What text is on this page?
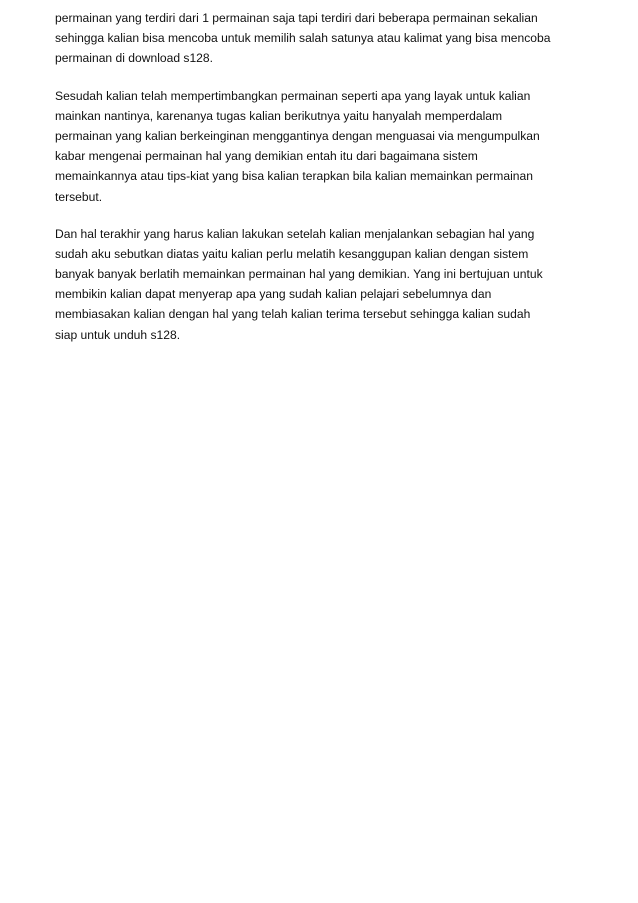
permainan yang terdiri dari 1 permainan saja tapi terdiri dari beberapa permainan sekalian
sehingga kalian bisa mencoba untuk memilih salah satunya atau kalimat yang bisa mencoba
permainan di download s128.

Sesudah kalian telah mempertimbangkan permainan seperti apa yang layak untuk kalian
mainkan nantinya, karenanya tugas kalian berikutnya yaitu hanyalah memperdalam
permainan yang kalian berkeinginan menggantinya dengan menguasai via mengumpulkan
kabar mengenai permainan hal yang demikian entah itu dari bagaimana sistem
memainkannya atau tips-kiat yang bisa kalian terapkan bila kalian memainkan permainan
tersebut.

Dan hal terakhir yang harus kalian lakukan setelah kalian menjalankan sebagian hal yang
sudah aku sebutkan diatas yaitu kalian perlu melatih kesanggupan kalian dengan sistem
banyak banyak berlatih memainkan permainan hal yang demikian. Yang ini bertujuan untuk
membikin kalian dapat menyerap apa yang sudah kalian pelajari sebelumnya dan
membiasakan kalian dengan hal yang telah kalian terima tersebut sehingga kalian sudah
siap untuk unduh s128.
